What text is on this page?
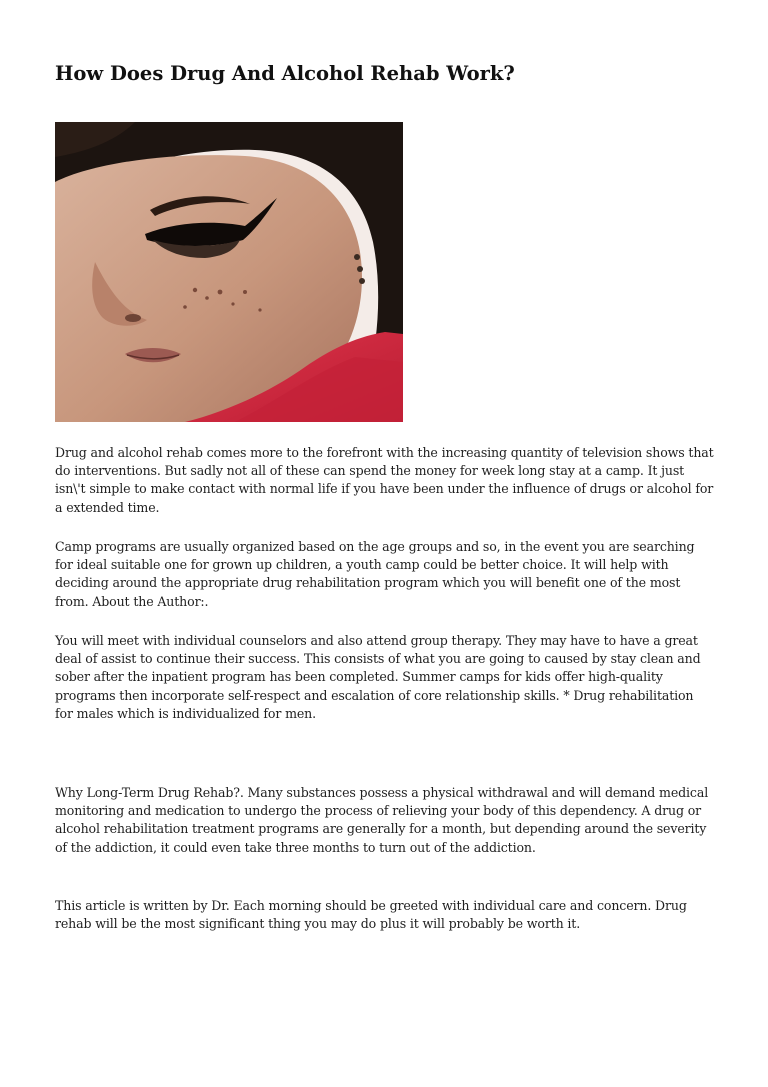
How Does Drug And Alcohol Rehab Work?

Drug and alcohol rehab comes more to the forefront with the increasing quantity of television shows that do interventions. But sadly not all of these can spend the money for week long stay at a camp. It just isn\'t simple to make contact with normal life if you have been under the influence of drugs or alcohol for a extended time.

Camp programs are usually organized based on the age groups and so, in the event you are searching for ideal suitable one for grown up children, a youth camp could be better choice. It will help with deciding around the appropriate drug rehabilitation program which you will benefit one of the most from. About the Author:.

You will meet with individual counselors and also attend group therapy. They may have to have a great deal of assist to continue their success. This consists of what you are going to caused by stay clean and sober after the inpatient program has been completed. Summer camps for kids offer high-quality programs then incorporate self-respect and escalation of core relationship skills. * Drug rehabilitation for males which is individualized for men.

Why Long-Term Drug Rehab?. Many substances possess a physical withdrawal and will demand medical monitoring and medication to undergo the process of relieving your body of this dependency. A drug or alcohol rehabilitation treatment programs are generally for a month, but depending around the severity of the addiction, it could even take three months to turn out of the addiction.

This article is written by Dr. Each morning should be greeted with individual care and concern. Drug rehab will be the most significant thing you may do plus it will probably be worth it.
